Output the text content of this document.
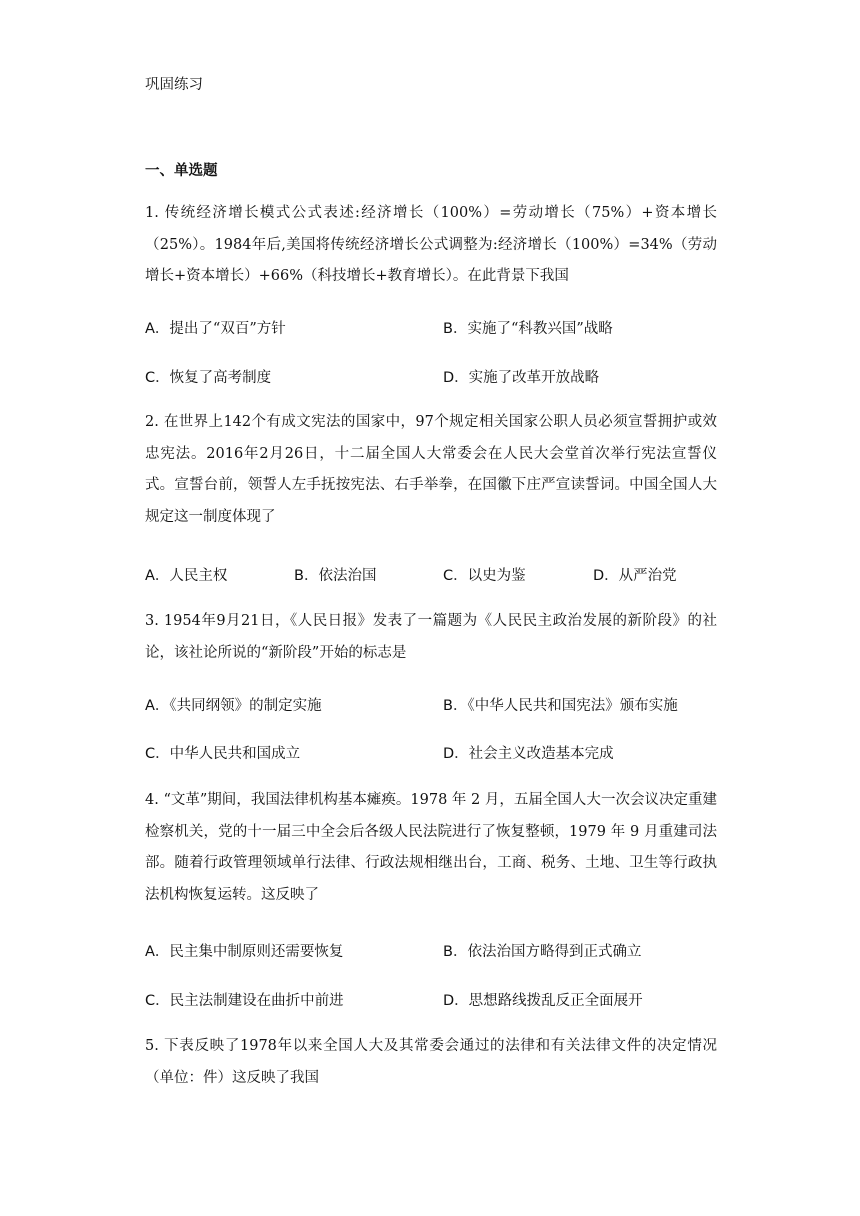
巩固练习
一、单选题
1. 传统经济增长模式公式表述:经济增长（100%）=劳动增长（75%）+资本增长（25%）。1984年后,美国将传统经济增长公式调整为:经济增长（100%）=34%（劳动增长+资本增长）+66%（科技增长+教育增长）。在此背景下我国
A．提出了“双百”方针	B．实施了“科教兴国”战略
C．恢复了高考制度	D．实施了改革开放战略
2. 在世界上142个有成文宪法的国家中，97个规定相关国家公职人员必须宣誓拥护或效忠宪法。2016年2月26日，十二届全国人大常委会在人民大会堂首次举行宪法宣誓仪式。宣誓台前，领誓人左手抚按宪法、右手举拳，在国徽下庄严宣读誓词。中国全国人大规定这一制度体现了
A．人民主权	B．依法治国	C．以史为鉴	D．从严治党
3. 1954年9月21日，《人民日报》发表了一篇题为《人民民主政治发展的新阶段》的社论，该社论所说的“新阶段”开始的标志是
A．《共同纲领》的制定实施	B．《中华人民共和国宪法》颁布实施
C．中华人民共和国成立	D．社会主义改造基本完成
4. “文革”期间，我国法律机构基本瘫痪。1978 年 2 月，五届全国人大一次会议决定重建检察机关，党的十一届三中全会后各级人民法院进行了恢复整顿，1979 年 9 月重建司法部。随着行政管理领域单行法律、行政法规相继出台，工商、税务、土地、卫生等行政执法机构恢复运转。这反映了
A．民主集中制原则还需要恢复	B．依法治国方略得到正式确立
C．民主法制建设在曲折中前进	D．思想路线拨乱反正全面展开
5. 下表反映了1978年以来全国人大及其常委会通过的法律和有关法律文件的决定情况（单位：件）这反映了我国
